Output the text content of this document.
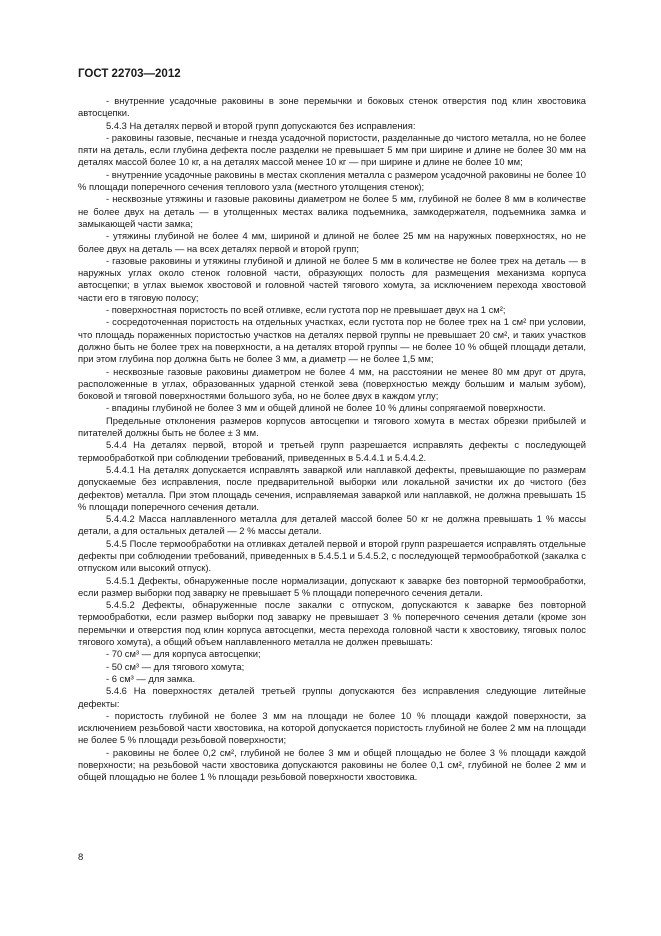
ГОСТ 22703—2012

- внутренние усадочные раковины в зоне перемычки и боковых стенок отверстия под клин хвостовика автосцепки.

5.4.3 На деталях первой и второй групп допускаются без исправления:

- раковины газовые, песчаные и гнезда усадочной пористости, разделанные до чистого металла, но не более пяти на деталь, если глубина дефекта после разделки не превышает 5 мм при ширине и длине не более 30 мм на деталях массой более 10 кг, а на деталях массой менее 10 кг — при ширине и длине не более 10 мм;

- внутренние усадочные раковины в местах скопления металла с размером усадочной раковины не более 10 % площади поперечного сечения теплового узла (местного утолщения стенок);

- несквозные утяжины и газовые раковины диаметром не более 5 мм, глубиной не более 8 мм в количестве не более двух на деталь — в утолщенных местах валика подъемника, замкодержателя, подъемника замка и замыкающей части замка;

- утяжины глубиной не более 4 мм, шириной и длиной не более 25 мм на наружных поверхностях, но не более двух на деталь — на всех деталях первой и второй групп;

- газовые раковины и утяжины глубиной и длиной не более 5 мм в количестве не более трех на деталь — в наружных углах около стенок головной части, образующих полость для размещения механизма корпуса автосцепки; в углах выемок хвостовой и головной частей тягового хомута, за исключением перехода хвостовой части его в тяговую полосу;

- поверхностная пористость по всей отливке, если густота пор не превышает двух на 1 см²;

- сосредоточенная пористость на отдельных участках, если густота пор не более трех на 1 см² при условии, что площадь пораженных пористостью участков на деталях первой группы не превышает 20 см², и таких участков должно быть не более трех на поверхности, а на деталях второй группы — не более 10 % общей площади детали, при этом глубина пор должна быть не более 3 мм, а диаметр — не более 1,5 мм;

- несквозные газовые раковины диаметром не более 4 мм, на расстоянии не менее 80 мм друг от друга, расположенные в углах, образованных ударной стенкой зева (поверхностью между большим и малым зубом), боковой и тяговой поверхностями большого зуба, но не более двух в каждом углу;

- впадины глубиной не более 3 мм и общей длиной не более 10 % длины сопрягаемой поверхности.

Предельные отклонения размеров корпусов автосцепки и тягового хомута в местах обрезки прибылей и питателей должны быть не более ± 3 мм.

5.4.4 На деталях первой, второй и третьей групп разрешается исправлять дефекты с последующей термообработкой при соблюдении требований, приведенных в 5.4.4.1 и 5.4.4.2.

5.4.4.1 На деталях допускается исправлять заваркой или наплавкой дефекты, превышающие по размерам допускаемые без исправления, после предварительной выборки или локальной зачистки их до чистого (без дефектов) металла. При этом площадь сечения, исправляемая заваркой или наплавкой, не должна превышать 15 % площади поперечного сечения детали.

5.4.4.2 Масса наплавленного металла для деталей массой более 50 кг не должна превышать 1 % массы детали, а для остальных деталей — 2 % массы детали.

5.4.5 После термообработки на отливках деталей первой и второй групп разрешается исправлять отдельные дефекты при соблюдении требований, приведенных в 5.4.5.1 и 5.4.5.2, с последующей термообработкой (закалка с отпуском или высокий отпуск).

5.4.5.1 Дефекты, обнаруженные после нормализации, допускают к заварке без повторной термообработки, если размер выборки под заварку не превышает 5 % площади поперечного сечения детали.

5.4.5.2 Дефекты, обнаруженные после закалки с отпуском, допускаются к заварке без повторной термообработки, если размер выборки под заварку не превышает 3 % поперечного сечения детали (кроме зон перемычки и отверстия под клин корпуса автосцепки, места перехода головной части к хвостовику, тяговых полос тягового хомута), а общий объем наплавленного металла не должен превышать:

- 70 см³ — для корпуса автосцепки;

- 50 см³ — для тягового хомута;

- 6 см³ — для замка.

5.4.6 На поверхностях деталей третьей группы допускаются без исправления следующие литейные дефекты:

- пористость глубиной не более 3 мм на площади не более 10 % площади каждой поверхности, за исключением резьбовой части хвостовика, на которой допускается пористость глубиной не более 2 мм на площади не более 5 % площади резьбовой поверхности;

- раковины не более 0,2 см², глубиной не более 3 мм и общей площадью не более 3 % площади каждой поверхности; на резьбовой части хвостовика допускаются раковины не более 0,1 см², глубиной не более 2 мм и общей площадью не более 1 % площади резьбовой поверхности хвостовика.

8
